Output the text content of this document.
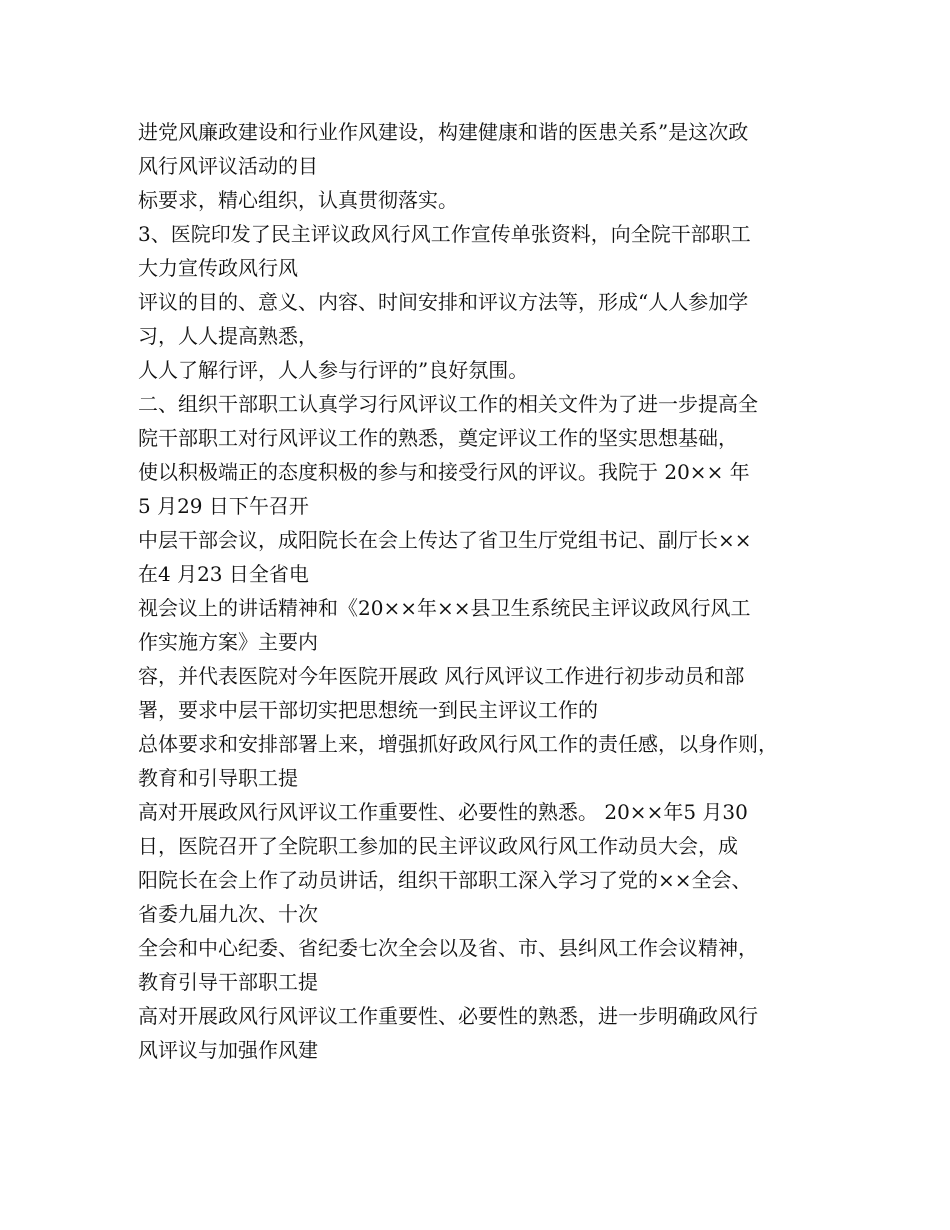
进党风廉政建设和行业作风建设，构建健康和谐的医患关系”是这次政
风行风评议活动的目
标要求，精心组织，认真贯彻落实。
3、医院印发了民主评议政风行风工作宣传单张资料，向全院干部职工
大力宣传政风行风
评议的目的、意义、内容、时间安排和评议方法等，形成“人人参加学
习，人人提高熟悉，
人人了解行评，人人参与行评的”良好氛围。
二、组织干部职工认真学习行风评议工作的相关文件为了进一步提高全
院干部职工对行风评议工作的熟悉，奠定评议工作的坚实思想基础，
使以积极端正的态度积极的参与和接受行风的评议。我院于 20×× 年
5 月29 日下午召开
中层干部会议，成阳院长在会上传达了省卫生厅党组书记、副厅长××
在4 月23 日全省电
视会议上的讲话精神和《20××年××县卫生系统民主评议政风行风工
作实施方案》主要内
容，并代表医院对今年医院开展政 风行风评议工作进行初步动员和部
署，要求中层干部切实把思想统一到民主评议工作的
总体要求和安排部署上来，增强抓好政风行风工作的责任感，以身作则，
教育和引导职工提
高对开展政风行风评议工作重要性、必要性的熟悉。 20××年5 月30
日，医院召开了全院职工参加的民主评议政风行风工作动员大会，成
阳院长在会上作了动员讲话，组织干部职工深入学习了党的××全会、
省委九届九次、十次
全会和中心纪委、省纪委七次全会以及省、市、县纠风工作会议精神，
教育引导干部职工提
高对开展政风行风评议工作重要性、必要性的熟悉，进一步明确政风行
风评议与加强作风建
